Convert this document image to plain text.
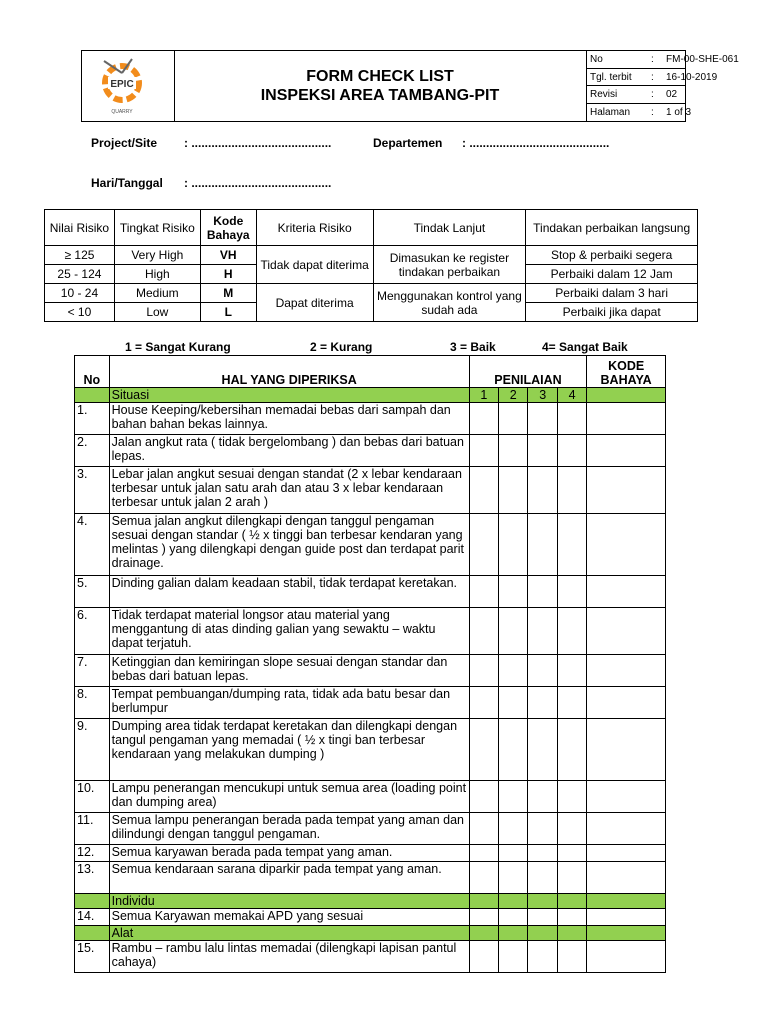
EPIC
QUARRY
FORM CHECK LIST
INSPEKSI AREA TAMBANG-PIT
No	: FM-00-SHE-061
Tgl. terbit : 16-10-2019
Revisi	: 02
Halaman : 1 of 3
Project/Site : ..........................................	Departemen : ..........................................
Hari/Tanggal : ..........................................
Nilai Risiko	Tingkat Risiko	Kode Bahaya	Kriteria Risiko	Tindak Lanjut	Tindakan perbaikan langsung
≥ 125	Very High	VH	Tidak dapat diterima	Dimasukan ke register tindakan perbaikan	Stop & perbaiki segera
25 - 124	High	H			Perbaiki dalam 12 Jam
10 - 24	Medium	M	Dapat diterima	Menggunakan kontrol yang sudah ada	Perbaiki dalam 3 hari
< 10	Low	L			Perbaiki jika dapat
1 = Sangat Kurang	2 = Kurang	3 = Baik	4= Sangat Baik
No	HAL YANG DIPERIKSA	PENILAIAN				KODE BAHAYA
	Situasi	1	2	3	4	
1.	House Keeping/kebersihan memadai bebas dari sampah dan bahan bahan bekas lainnya.					
2.	Jalan angkut rata ( tidak bergelombang ) dan bebas dari batuan lepas.					
3.	Lebar jalan angkut sesuai dengan standat (2 x lebar kendaraan terbesar untuk jalan satu arah dan atau 3 x lebar kendaraan terbesar untuk jalan 2 arah )					
4.	Semua jalan angkut dilengkapi dengan tanggul pengaman sesuai dengan standar ( ½ x tinggi ban terbesar kendaran yang melintas ) yang dilengkapi dengan guide post dan terdapat parit drainage.					
5.	Dinding galian dalam keadaan stabil, tidak terdapat keretakan.					
6.	Tidak terdapat material longsor atau material yang menggantung di atas dinding galian yang sewaktu – waktu dapat terjatuh.					
7.	Ketinggian dan kemiringan slope sesuai dengan standar dan bebas dari batuan lepas.					
8.	Tempat pembuangan/dumping rata, tidak ada batu besar dan berlumpur					
9.	Dumping area tidak terdapat keretakan dan dilengkapi dengan tangul pengaman yang memadai ( ½ x tingi ban terbesar kendaraan yang melakukan dumping )					
10.	Lampu penerangan mencukupi untuk semua area (loading point dan dumping area)					
11.	Semua lampu penerangan berada pada tempat yang aman dan dilindungi dengan tanggul pengaman.					
12.	Semua karyawan berada pada tempat yang aman.					
13.	Semua kendaraan sarana diparkir pada tempat yang aman.					
	Individu					
14.	Semua Karyawan memakai APD yang sesuai					
	Alat					
15.	Rambu – rambu lalu lintas memadai (dilengkapi lapisan pantul cahaya)					
